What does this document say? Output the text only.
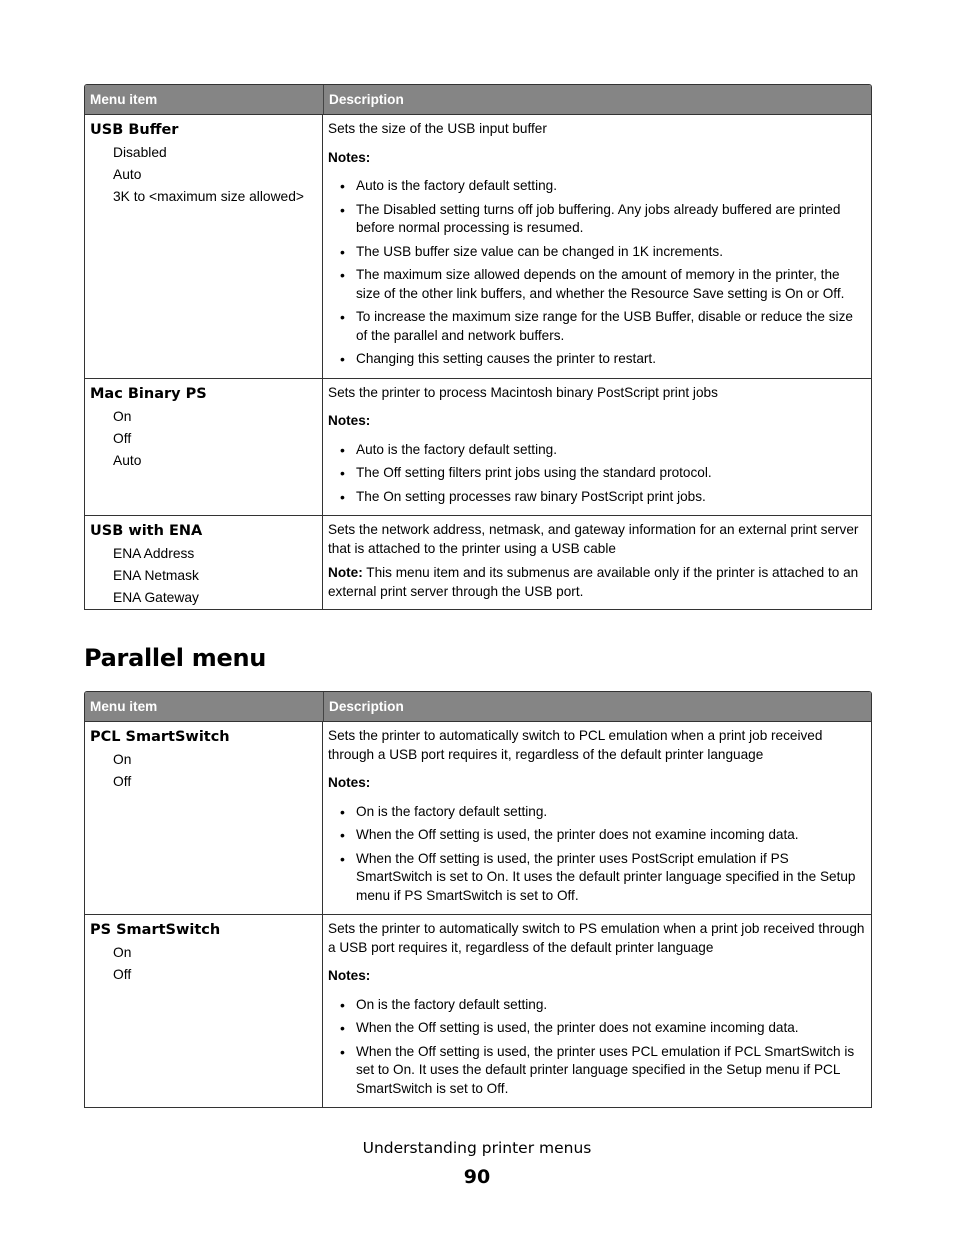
Menu item	Description
USB Buffer
Disabled
Auto
3K to <maximum size allowed>

Sets the size of the USB input buffer

Notes:

• Auto is the factory default setting.
• The Disabled setting turns off job buffering. Any jobs already buffered are printed before normal processing is resumed.
• The USB buffer size value can be changed in 1K increments.
• The maximum size allowed depends on the amount of memory in the printer, the size of the other link buffers, and whether the Resource Save setting is On or Off.
• To increase the maximum size range for the USB Buffer, disable or reduce the size of the parallel and network buffers.
• Changing this setting causes the printer to restart.
Mac Binary PS
On
Off
Auto

Sets the printer to process Macintosh binary PostScript print jobs

Notes:

• Auto is the factory default setting.
• The Off setting filters print jobs using the standard protocol.
• The On setting processes raw binary PostScript print jobs.
USB with ENA
ENA Address
ENA Netmask
ENA Gateway

Sets the network address, netmask, and gateway information for an external print server that is attached to the printer using a USB cable

Note: This menu item and its submenus are available only if the printer is attached to an external print server through the USB port.

Parallel menu
Menu item	Description
PCL SmartSwitch
On
Off

Sets the printer to automatically switch to PCL emulation when a print job received through a USB port requires it, regardless of the default printer language

Notes:

• On is the factory default setting.
• When the Off setting is used, the printer does not examine incoming data.
• When the Off setting is used, the printer uses PostScript emulation if PS SmartSwitch is set to On. It uses the default printer language specified in the Setup menu if PS SmartSwitch is set to Off.
PS SmartSwitch
On
Off

Sets the printer to automatically switch to PS emulation when a print job received through a USB port requires it, regardless of the default printer language

Notes:

• On is the factory default setting.
• When the Off setting is used, the printer does not examine incoming data.
• When the Off setting is used, the printer uses PCL emulation if PCL SmartSwitch is set to On. It uses the default printer language specified in the Setup menu if PCL SmartSwitch is set to Off.
Understanding printer menus
90
